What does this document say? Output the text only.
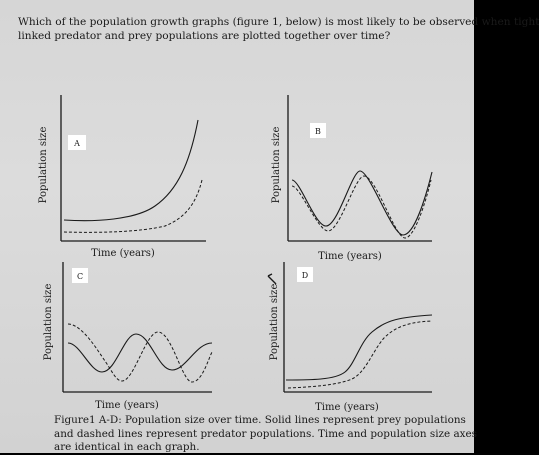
Which of the population growth graphs (figure 1, below) is most likely to be observed when tight
linked predator and prey populations are plotted together over time?
A
Population size
Time (years)
B
Population size
Time (years)
C
Population size
Time (years)
D
Population size
Time (years)
Figure1 A-D: Population size over time. Solid lines represent prey populations
and dashed lines represent predator populations. Time and population size axes
are identical in each graph.
